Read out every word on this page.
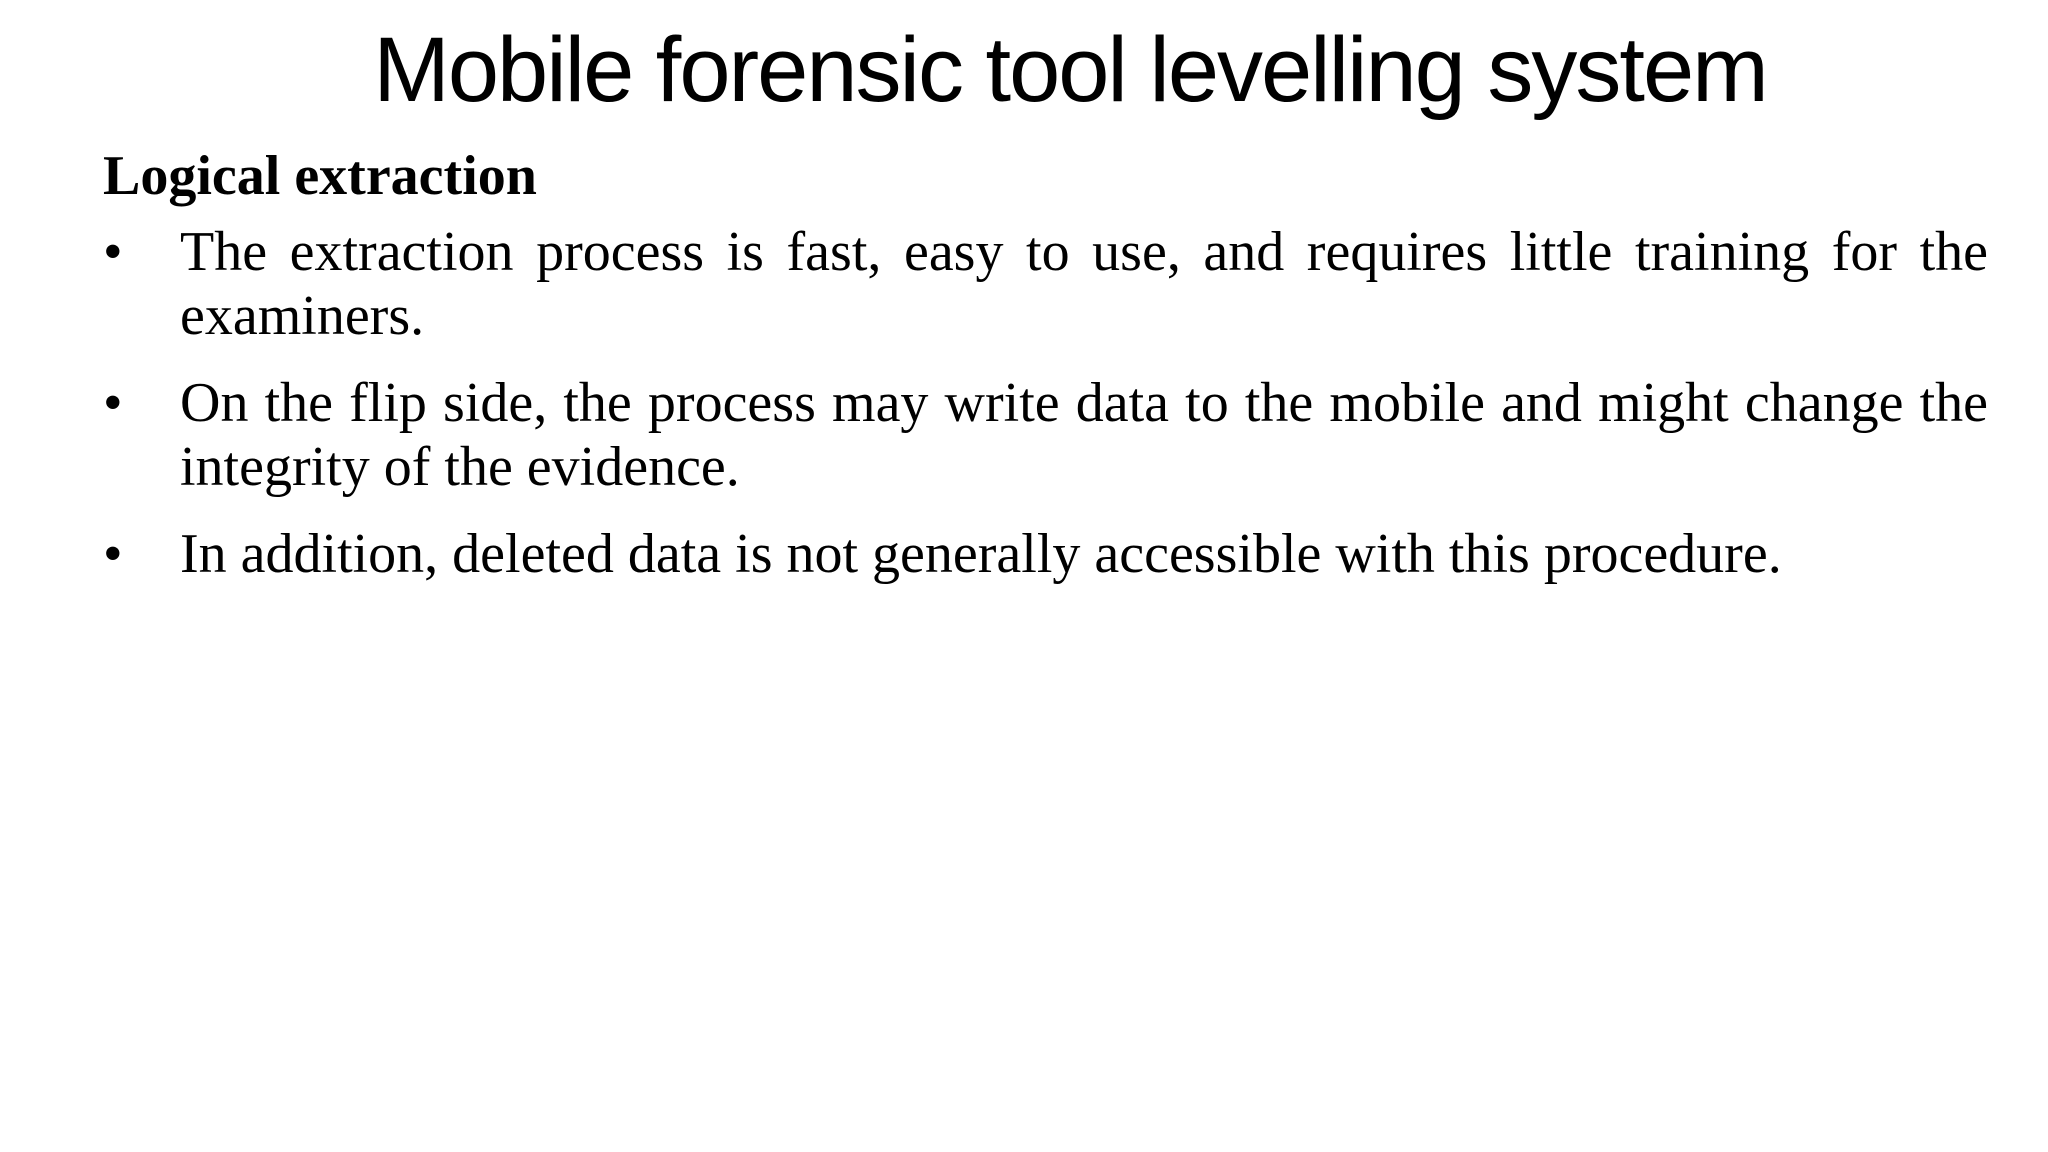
Mobile forensic tool levelling system
Logical extraction
•	The extraction process is fast, easy to use, and requires little training for the examiners.
•	On the flip side, the process may write data to the mobile and might change the integrity of the evidence.
•	In addition, deleted data is not generally accessible with this procedure.
